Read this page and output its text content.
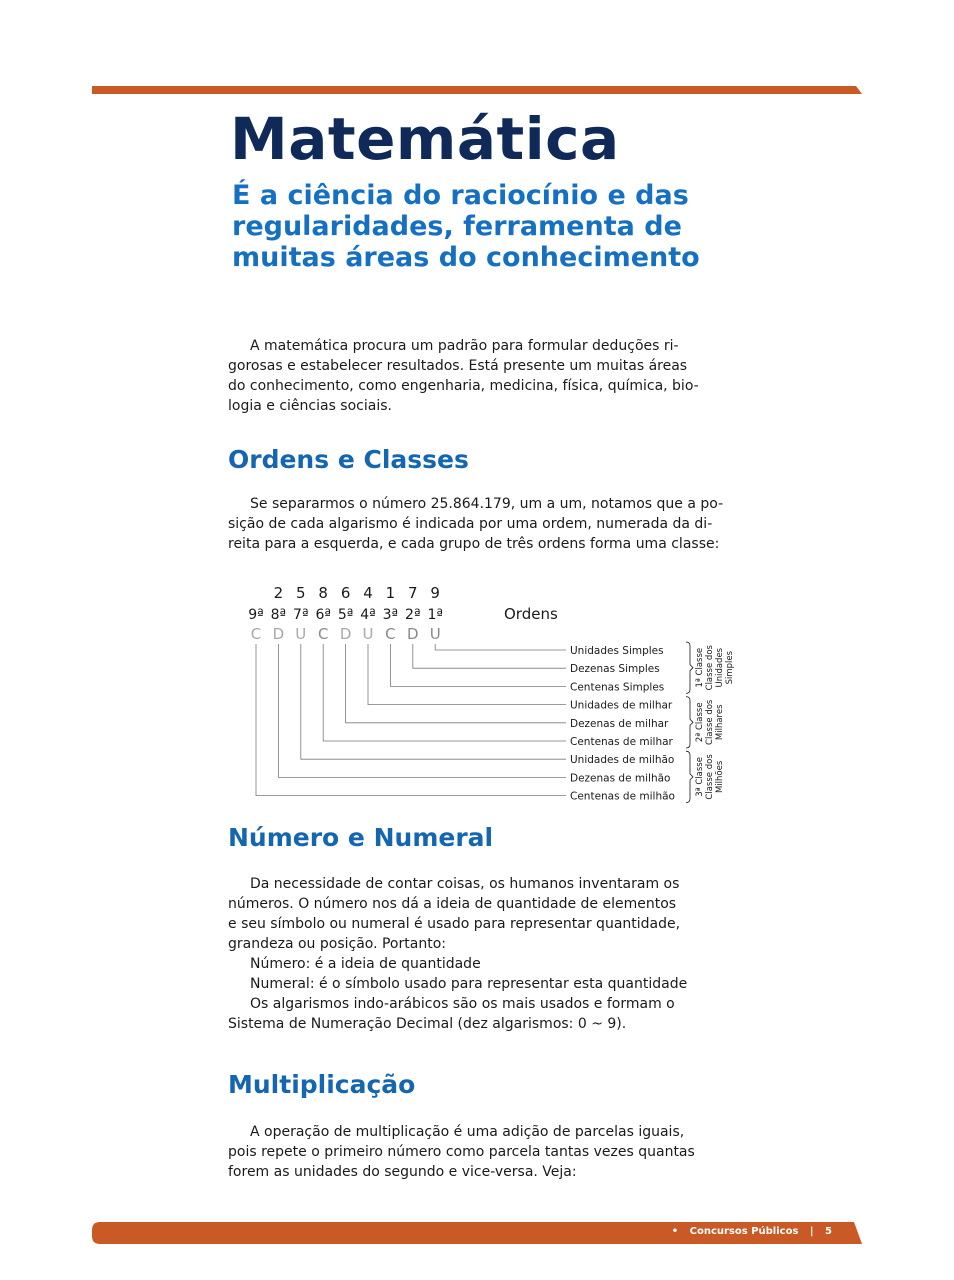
Matemática
É a ciência do raciocínio e das regularidades, ferramenta de muitas áreas do conhecimento
A matemática procura um padrão para formular deduções ri-
gorosas e estabelecer resultados. Está presente um muitas áreas
do conhecimento, como engenharia, medicina, física, química, bio-
logia e ciências sociais.
Ordens e Classes
Se separarmos o número 25.864.179, um a um, notamos que a po-
sição de cada algarismo é indicada por uma ordem, numerada da di-
reita para a esquerda, e cada grupo de três ordens forma uma classe:
2 5 8 6 4 1 7 9
9ª 8ª 7ª 6ª 5ª 4ª 3ª 2ª 1ª	Ordens
C D U C D U C D U
Unidades Simples
Dezenas Simples
Centenas Simples
Unidades de milhar
Dezenas de milhar
Centenas de milhar
Unidades de milhão
Dezenas de milhão
Centenas de milhão
1ª Classe Classe dos Unidades Simples
2ª Classe Classe dos Milhares
3ª Classe Classe dos Milhões
Número e Numeral
Da necessidade de contar coisas, os humanos inventaram os
números. O número nos dá a ideia de quantidade de elementos
e seu símbolo ou numeral é usado para representar quantidade,
grandeza ou posição. Portanto:
Número: é a ideia de quantidade
Numeral: é o símbolo usado para representar esta quantidade
Os algarismos indo-arábicos são os mais usados e formam o
Sistema de Numeração Decimal (dez algarismos: 0 ~ 9).
Multiplicação
A operação de multiplicação é uma adição de parcelas iguais,
pois repete o primeiro número como parcela tantas vezes quantas
forem as unidades do segundo e vice-versa. Veja:
• Concursos Públicos | 5
